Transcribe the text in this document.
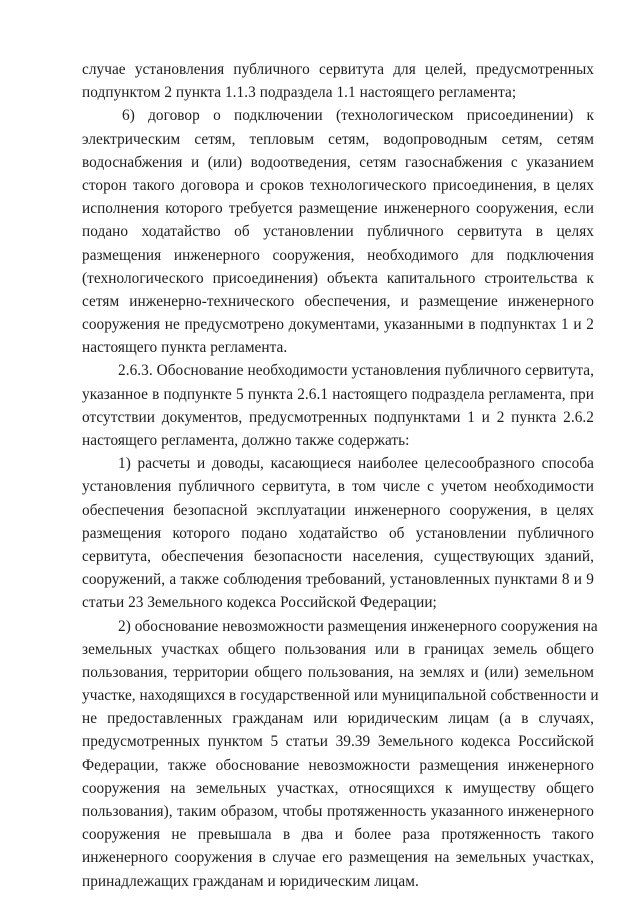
случае установления публичного сервитута для целей, предусмотренных
подпунктом 2 пункта 1.1.3 подраздела 1.1 настоящего регламента;
6) договор о подключении (технологическом присоединении) к
электрическим сетям, тепловым сетям, водопроводным сетям, сетям
водоснабжения и (или) водоотведения, сетям газоснабжения с указанием
сторон такого договора и сроков технологического присоединения, в целях
исполнения которого требуется размещение инженерного сооружения, если
подано ходатайство об установлении публичного сервитута в целях
размещения инженерного сооружения, необходимого для подключения
(технологического присоединения) объекта капитального строительства к
сетям инженерно-технического обеспечения, и размещение инженерного
сооружения не предусмотрено документами, указанными в подпунктах 1 и 2
настоящего пункта регламента.
2.6.3. Обоснование необходимости установления публичного сервитута,
указанное в подпункте 5 пункта 2.6.1 настоящего подраздела регламента, при
отсутствии документов, предусмотренных подпунктами 1 и 2 пункта 2.6.2
настоящего регламента, должно также содержать:
1) расчеты и доводы, касающиеся наиболее целесообразного способа
установления публичного сервитута, в том числе с учетом необходимости
обеспечения безопасной эксплуатации инженерного сооружения, в целях
размещения которого подано ходатайство об установлении публичного
сервитута, обеспечения безопасности населения, существующих зданий,
сооружений, а также соблюдения требований, установленных пунктами 8 и 9
статьи 23 Земельного кодекса Российской Федерации;
2) обоснование невозможности размещения инженерного сооружения на
земельных участках общего пользования или в границах земель общего
пользования, территории общего пользования, на землях и (или) земельном
участке, находящихся в государственной или муниципальной собственности и
не предоставленных гражданам или юридическим лицам (а в случаях,
предусмотренных пунктом 5 статьи 39.39 Земельного кодекса Российской
Федерации, также обоснование невозможности размещения инженерного
сооружения на земельных участках, относящихся к имуществу общего
пользования), таким образом, чтобы протяженность указанного инженерного
сооружения не превышала в два и более раза протяженность такого
инженерного сооружения в случае его размещения на земельных участках,
принадлежащих гражданам и юридическим лицам.
